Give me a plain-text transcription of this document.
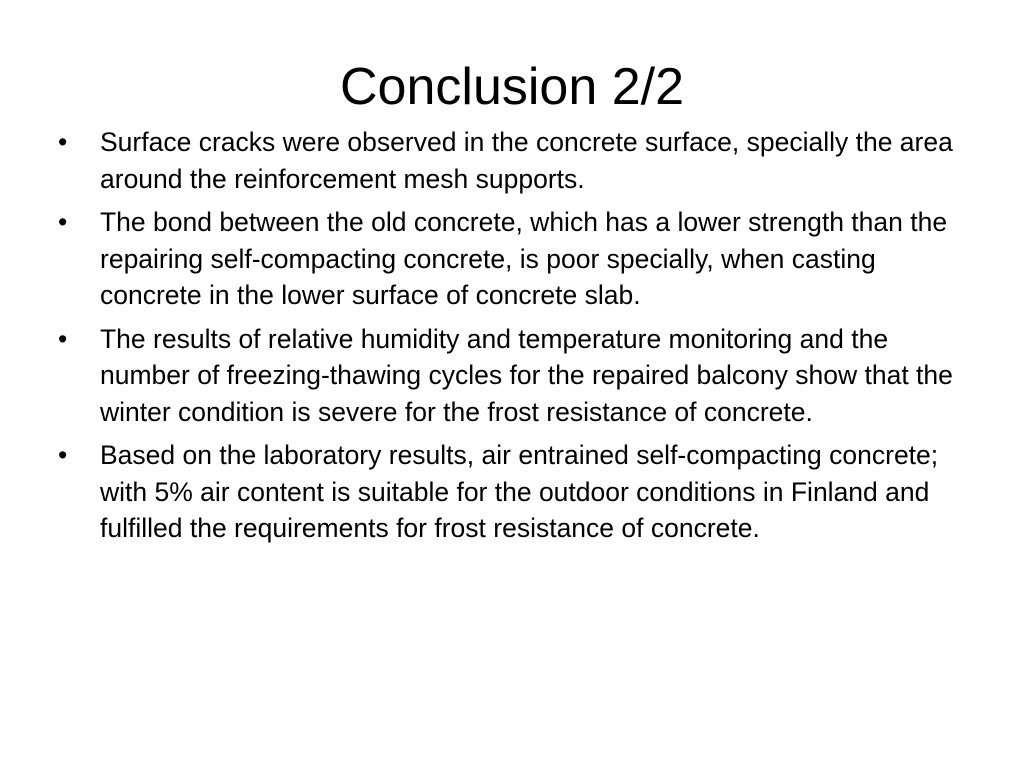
Conclusion 2/2
•	Surface cracks were observed in the concrete surface, specially the area around the reinforcement mesh supports.
•	The bond between the old concrete, which has a lower strength than the repairing self-compacting concrete, is poor specially, when casting concrete in the lower surface of concrete slab.
•	The results of relative humidity and temperature monitoring and the number of freezing-thawing cycles for the repaired balcony show that the winter condition is severe for the frost resistance of concrete.
•	Based on the laboratory results, air entrained self-compacting concrete; with 5% air content is suitable for the outdoor conditions in Finland and fulfilled the requirements for frost resistance of concrete.
